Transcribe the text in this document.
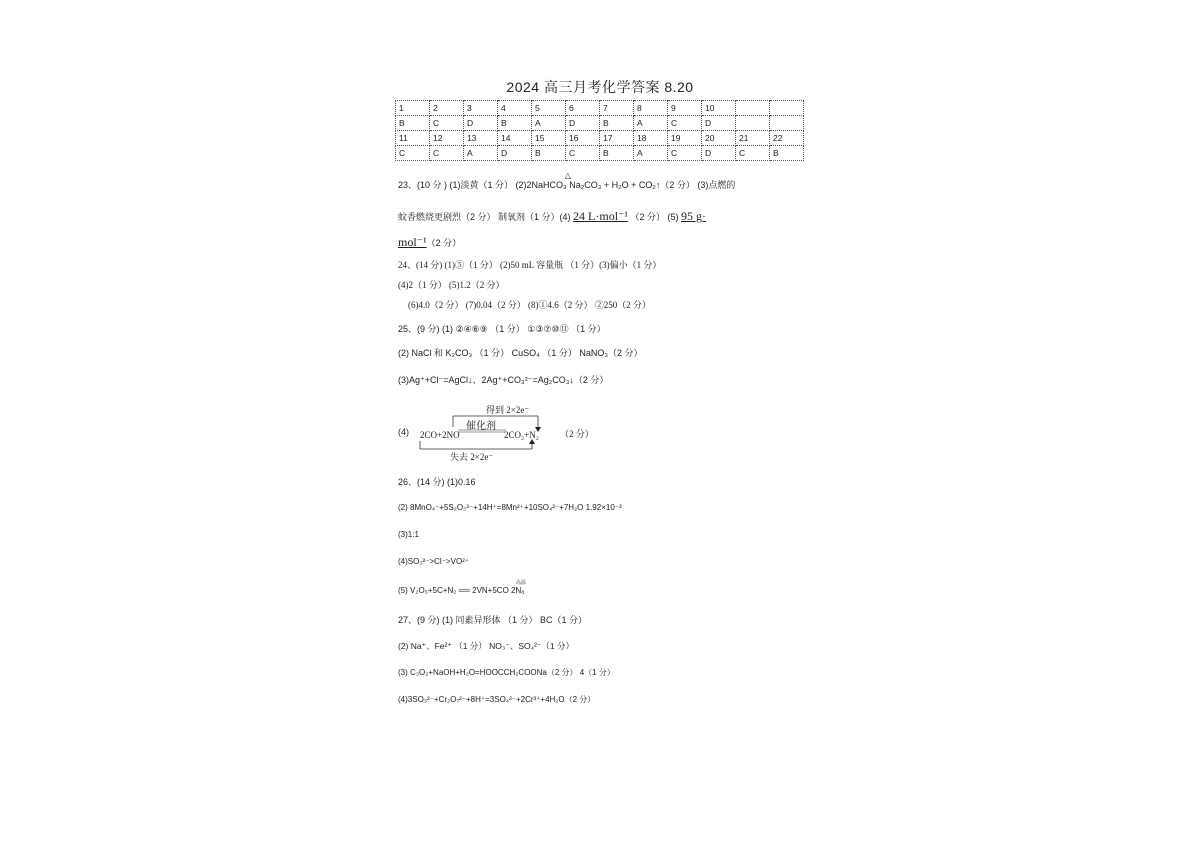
2024 高三月考化学答案 8.20
1	2	3	4	5	6	7	8	9	10		
B	C	D	B	A	D	B	A	C	D		
11	12	13	14	15	16	17	18	19	20	21	22
C	C	A	D	B	C	B	A	C	D	C	B
23、(10 分 ) (1)淡黄（1 分） (2)2NaHCO₃
△
Na₂CO₃ + H₂O + CO₂↑（2 分） (3)点燃的
蚊香燃烧更剧烈（2 分） 制氧剂（1 分）(4) 24 L·mol⁻¹ （2 分） (5) 95 g·
mol⁻¹（2 分）
24、(14 分) (1)⑤（1 分） (2)50 mL 容量瓶 （1 分）(3)偏小（1 分）
(4)2（1 分） (5)1.2（2 分）
(6)4.0（2 分） (7)0.04（2 分） (8)①4.6（2 分） ②250（2 分）
25、(9 分) (1) ②④⑥⑨ （1 分） ①③⑦⑩⑪ （1 分）
(2) NaCl 和 K₂CO₃ （1 分） CuSO₄ （1 分） NaNO₃（2 分）
(3)Ag⁺+Cl⁻=AgCl↓、2Ag⁺+CO₃²⁻=Ag₂CO₃↓（2 分）
得到 2×2e⁻
催化剂
(4) 2CO+2NO	2CO₂+N₂ （2 分）
失去 2×2e⁻
26、(14 分) (1)0.16
(2) 8MnO₄⁻+5S₂O₃²⁻+14H⁺=8Mn²⁺+10SO₄²⁻+7H₂O 1.92×10⁻³
(3)1:1
(4)SO₃²⁻>Cl⁻>VO²⁺
(5) V₂O₅+5C+N₂ ══ 2VN+5CO 2Nₐ
高温
27、(9 分) (1) 同素异形体 （1 分） BC（1 分）
(2) Na⁺、Fe²⁺ （1 分） NO₃⁻、SO₄²⁻（1 分）
(3) C₃O₂+NaOH+H₂O=HOOCCH₂COONa（2 分） 4（1 分）
(4)3SO₃²⁻+Cr₂O₇²⁻+8H⁺=3SO₄²⁻+2Cr³⁺+4H₂O（2 分）
